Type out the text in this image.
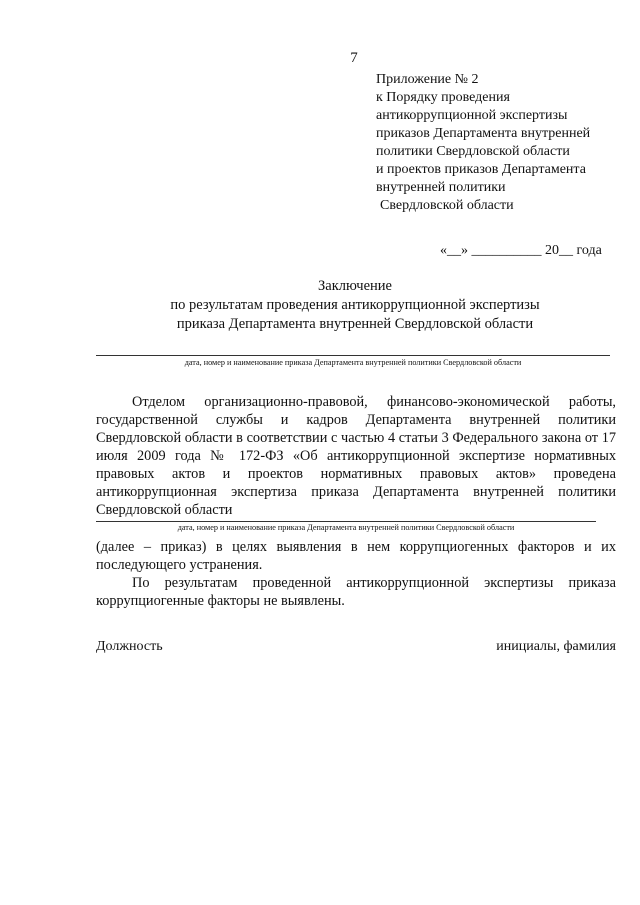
7
Приложение № 2
к Порядку проведения
антикоррупционной экспертизы
приказов Департамента внутренней
политики Свердловской области
и проектов приказов Департамента
внутренней политики
Свердловской области
«__» __________ 20__ года
Заключение
по результатам проведения антикоррупционной экспертизы
приказа Департамента внутренней Свердловской области
дата, номер и наименование приказа Департамента внутренней политики Свердловской области

Отделом организационно-правовой, финансово-экономической работы, государственной службы и кадров Департамента внутренней политики Свердловской области в соответствии с частью 4 статьи 3 Федерального закона от 17 июля 2009 года № 172-ФЗ «Об антикоррупционной экспертизе нормативных правовых актов и проектов нормативных правовых актов» проведена антикоррупционная экспертиза приказа Департамента внутренней политики Свердловской области

дата, номер и наименование приказа Департамента внутренней политики Свердловской области

(далее – приказ) в целях выявления в нем коррупциогенных факторов и их последующего устранения.

По результатам проведенной антикоррупционной экспертизы приказа коррупциогенные факторы не выявлены.

Должность	инициалы, фамилия
